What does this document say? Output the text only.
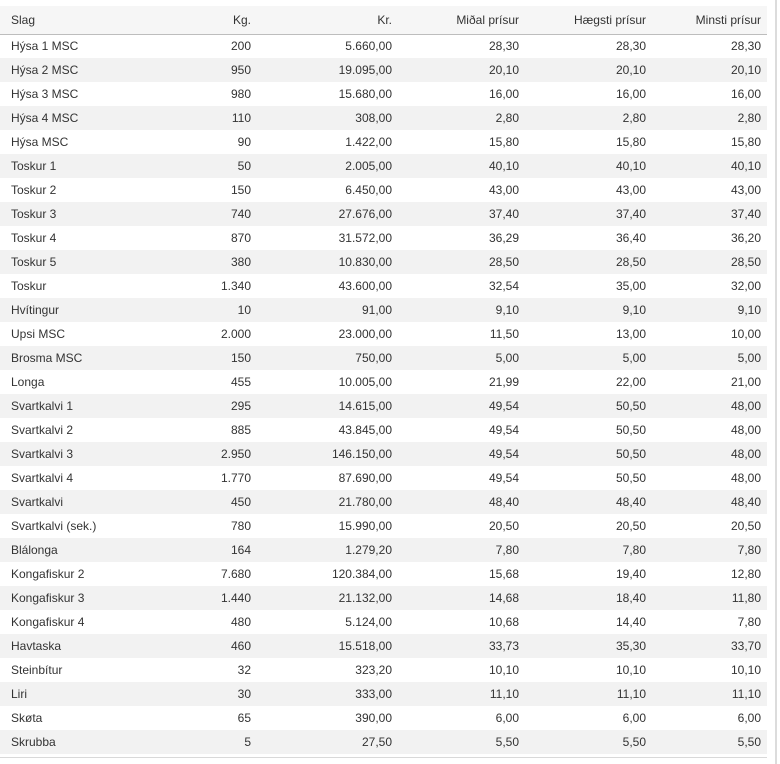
Slag	Kg.	Kr.	Miðal prísur	Hægsti prísur	Minsti prísur
Hýsa 1 MSC	200	5.660,00	28,30	28,30	28,30
Hýsa 2 MSC	950	19.095,00	20,10	20,10	20,10
Hýsa 3 MSC	980	15.680,00	16,00	16,00	16,00
Hýsa 4 MSC	110	308,00	2,80	2,80	2,80
Hýsa MSC	90	1.422,00	15,80	15,80	15,80
Toskur 1	50	2.005,00	40,10	40,10	40,10
Toskur 2	150	6.450,00	43,00	43,00	43,00
Toskur 3	740	27.676,00	37,40	37,40	37,40
Toskur 4	870	31.572,00	36,29	36,40	36,20
Toskur 5	380	10.830,00	28,50	28,50	28,50
Toskur	1.340	43.600,00	32,54	35,00	32,00
Hvítingur	10	91,00	9,10	9,10	9,10
Upsi MSC	2.000	23.000,00	11,50	13,00	10,00
Brosma MSC	150	750,00	5,00	5,00	5,00
Longa	455	10.005,00	21,99	22,00	21,00
Svartkalvi 1	295	14.615,00	49,54	50,50	48,00
Svartkalvi 2	885	43.845,00	49,54	50,50	48,00
Svartkalvi 3	2.950	146.150,00	49,54	50,50	48,00
Svartkalvi 4	1.770	87.690,00	49,54	50,50	48,00
Svartkalvi	450	21.780,00	48,40	48,40	48,40
Svartkalvi (sek.)	780	15.990,00	20,50	20,50	20,50
Blálonga	164	1.279,20	7,80	7,80	7,80
Kongafiskur 2	7.680	120.384,00	15,68	19,40	12,80
Kongafiskur 3	1.440	21.132,00	14,68	18,40	11,80
Kongafiskur 4	480	5.124,00	10,68	14,40	7,80
Havtaska	460	15.518,00	33,73	35,30	33,70
Steinbítur	32	323,20	10,10	10,10	10,10
Liri	30	333,00	11,10	11,10	11,10
Skøta	65	390,00	6,00	6,00	6,00
Skrubba	5	27,50	5,50	5,50	5,50
